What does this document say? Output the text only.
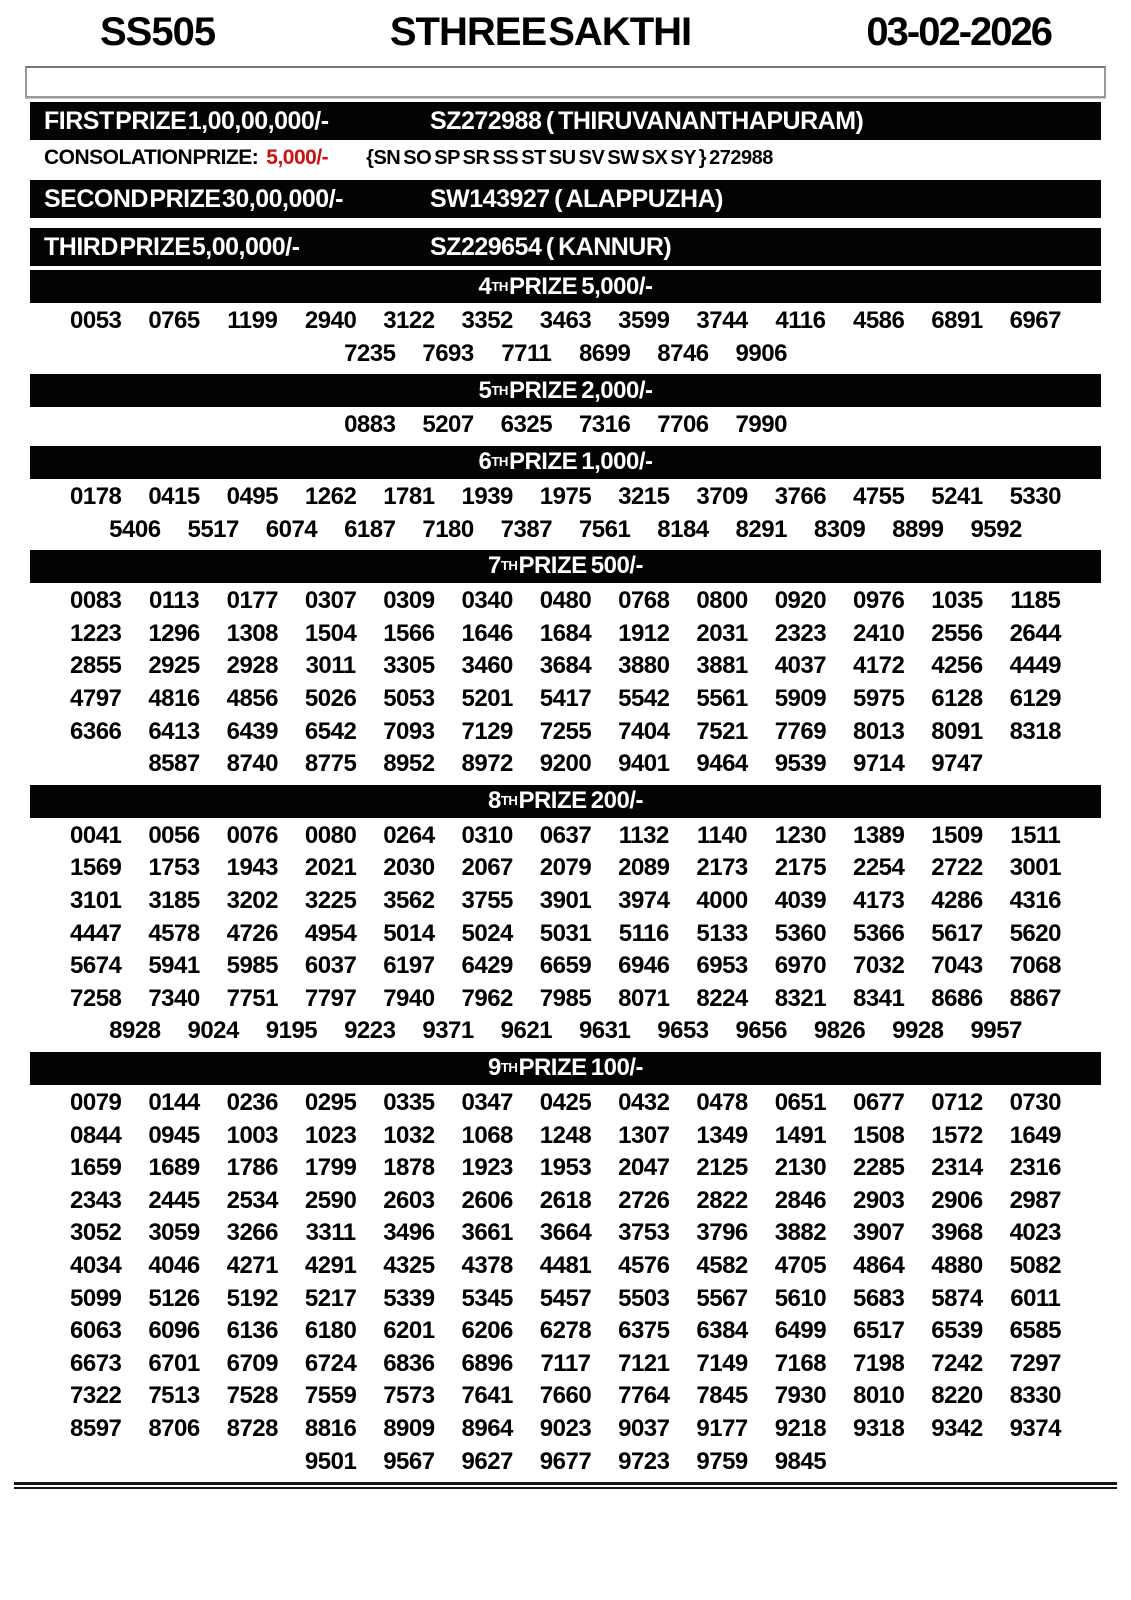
SS505	STHREE SAKTHI	03-02-2026
FIRST PRIZE 1,00,00,000/-	SZ272988 ( THIRUVANANTHAPURAM)
CONSOLATION PRIZE: 5,000/- {SN SO SP SR SS ST SU SV SW SX SY } 272988
SECOND PRIZE 30,00,000/-	SW143927 ( ALAPPUZHA)
THIRD PRIZE 5,00,000/-	SZ229654 ( KANNUR)
4 TH PRIZE 5,000/-
0053	0765	1199	2940	3122	3352	3463	3599	3744	4116	4586	6891	6967
7235	7693	7711	8699	8746	9906
5 TH PRIZE 2,000/-
0883	5207	6325	7316	7706	7990
6 TH PRIZE 1,000/-
0178	0415	0495	1262	1781	1939	1975	3215	3709	3766	4755	5241	5330
5406	5517	6074	6187	7180	7387	7561	8184	8291	8309	8899	9592
7 TH PRIZE 500/-
0083	0113	0177	0307	0309	0340	0480	0768	0800	0920	0976	1035	1185
1223	1296	1308	1504	1566	1646	1684	1912	2031	2323	2410	2556	2644
2855	2925	2928	3011	3305	3460	3684	3880	3881	4037	4172	4256	4449
4797	4816	4856	5026	5053	5201	5417	5542	5561	5909	5975	6128	6129
6366	6413	6439	6542	7093	7129	7255	7404	7521	7769	8013	8091	8318
8587	8740	8775	8952	8972	9200	9401	9464	9539	9714	9747
8 TH PRIZE 200/-
0041	0056	0076	0080	0264	0310	0637	1132	1140	1230	1389	1509	1511
1569	1753	1943	2021	2030	2067	2079	2089	2173	2175	2254	2722	3001
3101	3185	3202	3225	3562	3755	3901	3974	4000	4039	4173	4286	4316
4447	4578	4726	4954	5014	5024	5031	5116	5133	5360	5366	5617	5620
5674	5941	5985	6037	6197	6429	6659	6946	6953	6970	7032	7043	7068
7258	7340	7751	7797	7940	7962	7985	8071	8224	8321	8341	8686	8867
8928	9024	9195	9223	9371	9621	9631	9653	9656	9826	9928	9957
9 TH PRIZE 100/-
0079	0144	0236	0295	0335	0347	0425	0432	0478	0651	0677	0712	0730
0844	0945	1003	1023	1032	1068	1248	1307	1349	1491	1508	1572	1649
1659	1689	1786	1799	1878	1923	1953	2047	2125	2130	2285	2314	2316
2343	2445	2534	2590	2603	2606	2618	2726	2822	2846	2903	2906	2987
3052	3059	3266	3311	3496	3661	3664	3753	3796	3882	3907	3968	4023
4034	4046	4271	4291	4325	4378	4481	4576	4582	4705	4864	4880	5082
5099	5126	5192	5217	5339	5345	5457	5503	5567	5610	5683	5874	6011
6063	6096	6136	6180	6201	6206	6278	6375	6384	6499	6517	6539	6585
6673	6701	6709	6724	6836	6896	7117	7121	7149	7168	7198	7242	7297
7322	7513	7528	7559	7573	7641	7660	7764	7845	7930	8010	8220	8330
8597	8706	8728	8816	8909	8964	9023	9037	9177	9218	9318	9342	9374
9501	9567	9627	9677	9723	9759	9845
